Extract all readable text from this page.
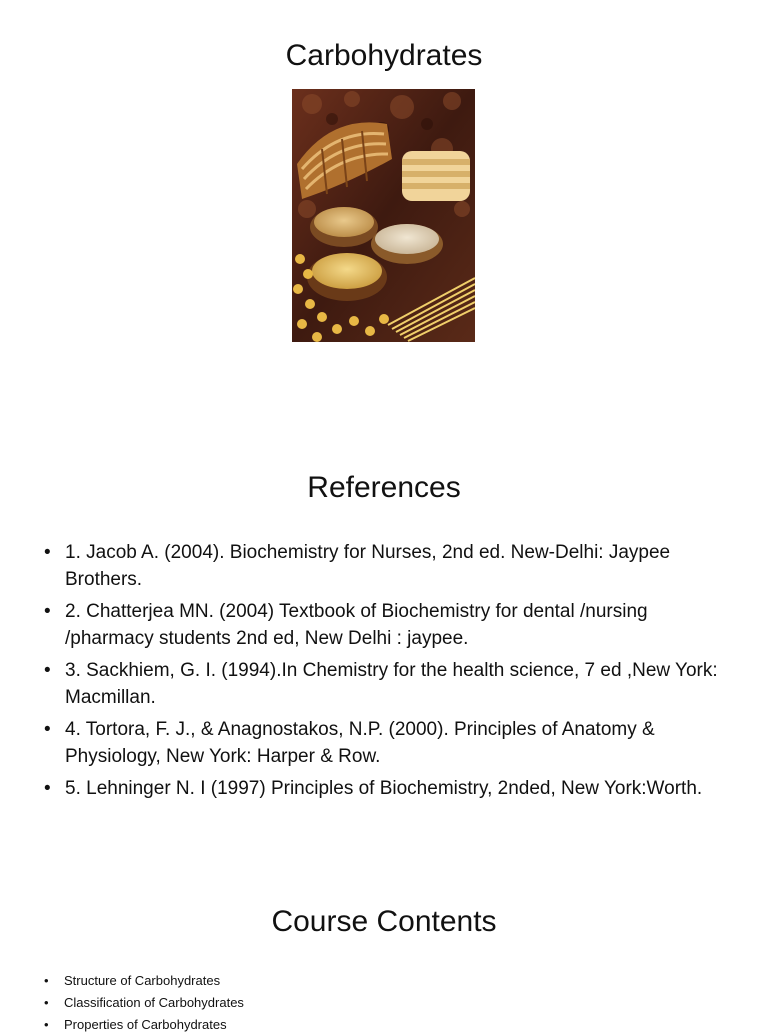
Carbohydrates
References
• 1. Jacob A. (2004). Biochemistry for Nurses, 2nd ed. New-Delhi: Jaypee Brothers.
• 2. Chatterjea MN. (2004) Textbook of Biochemistry for dental /nursing /pharmacy students 2nd ed, New Delhi : jaypee.
• 3. Sackhiem, G. I. (1994).In Chemistry for the health science, 7 ed ,New York: Macmillan.
• 4. Tortora, F. J., & Anagnostakos, N.P. (2000). Principles of Anatomy & Physiology, New York: Harper & Row.
• 5. Lehninger N. I (1997) Principles of Biochemistry, 2nded, New York:Worth.
Course Contents
• Structure of Carbohydrates
• Classification of Carbohydrates
• Properties of Carbohydrates
